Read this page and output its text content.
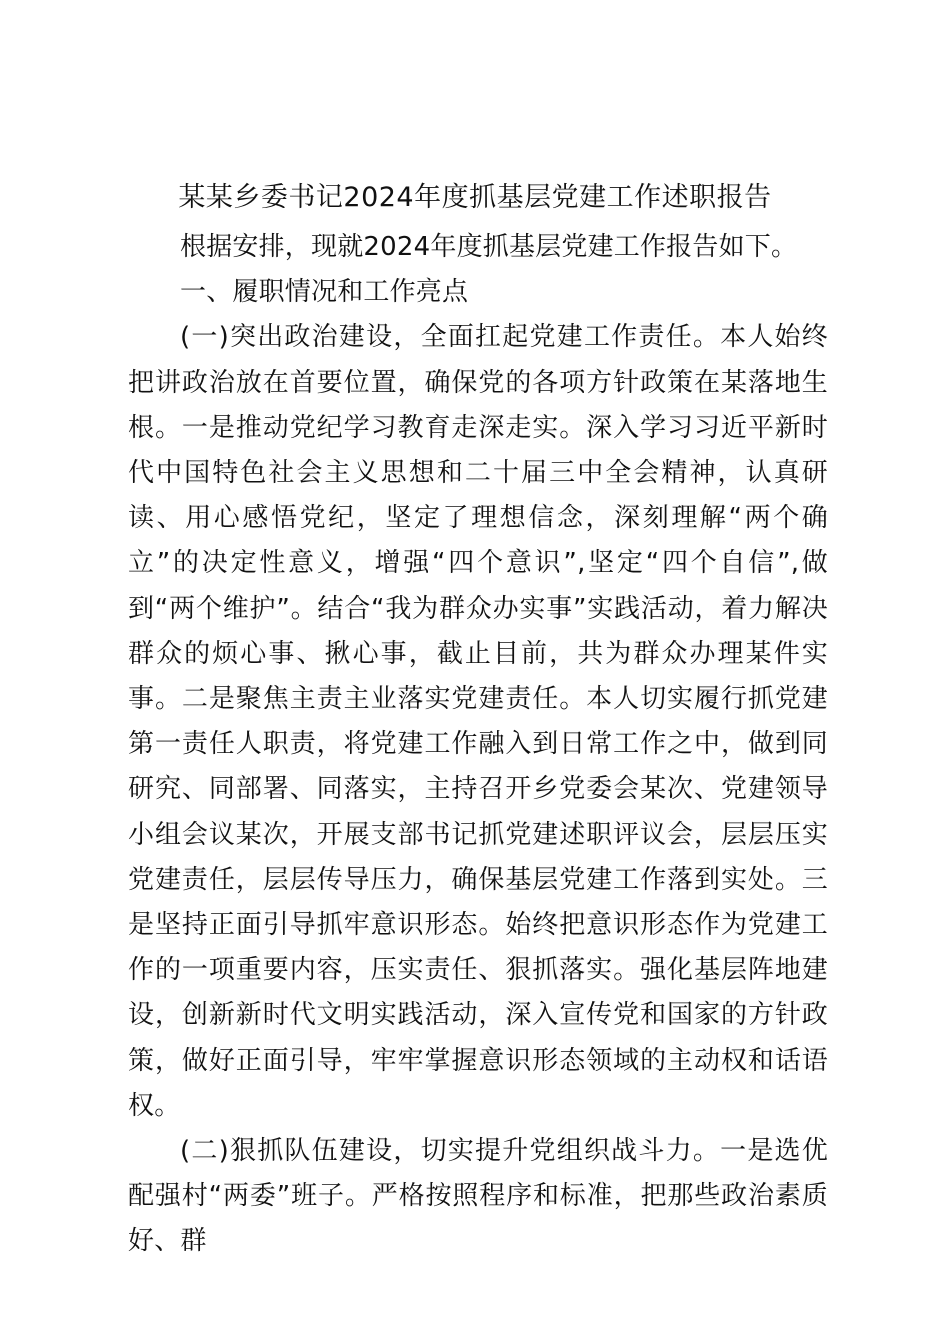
某某乡委书记2024年度抓基层党建工作述职报告

根据安排，现就2024年度抓基层党建工作报告如下。

一、履职情况和工作亮点

(一)突出政治建设，全面扛起党建工作责任。本人始终把讲政治放在首要位置，确保党的各项方针政策在某落地生根。一是推动党纪学习教育走深走实。深入学习习近平新时代中国特色社会主义思想和二十届三中全会精神，认真研读、用心感悟党纪，坚定了理想信念，深刻理解“两个确立”的决定性意义，增强“四个意识”,坚定“四个自信”,做到“两个维护”。结合“我为群众办实事”实践活动，着力解决群众的烦心事、揪心事，截止目前，共为群众办理某件实事。二是聚焦主责主业落实党建责任。本人切实履行抓党建第一责任人职责，将党建工作融入到日常工作之中，做到同研究、同部署、同落实，主持召开乡党委会某次、党建领导小组会议某次，开展支部书记抓党建述职评议会，层层压实党建责任，层层传导压力，确保基层党建工作落到实处。三是坚持正面引导抓牢意识形态。始终把意识形态作为党建工作的一项重要内容，压实责任、狠抓落实。强化基层阵地建设，创新新时代文明实践活动，深入宣传党和国家的方针政策，做好正面引导，牢牢掌握意识形态领域的主动权和话语权。

(二)狠抓队伍建设，切实提升党组织战斗力。一是选优配强村“两委”班子。严格按照程序和标准，把那些政治素质好、群
